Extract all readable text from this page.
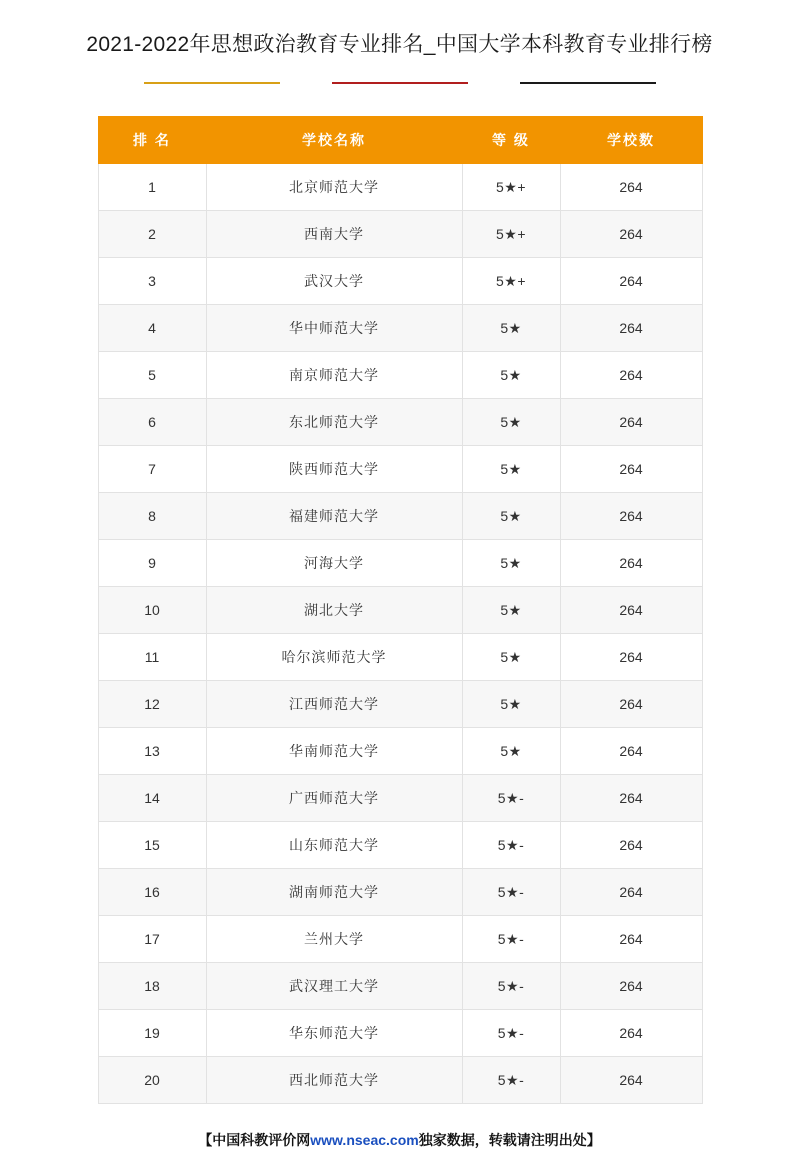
2021-2022年思想政治教育专业排名_中国大学本科教育专业排行榜
排 名	学校名称	等 级	学校数
1	北京师范大学	5★+	264
2	西南大学	5★+	264
3	武汉大学	5★+	264
4	华中师范大学	5★	264
5	南京师范大学	5★	264
6	东北师范大学	5★	264
7	陕西师范大学	5★	264
8	福建师范大学	5★	264
9	河海大学	5★	264
10	湖北大学	5★	264
11	哈尔滨师范大学	5★	264
12	江西师范大学	5★	264
13	华南师范大学	5★	264
14	广西师范大学	5★-	264
15	山东师范大学	5★-	264
16	湖南师范大学	5★-	264
17	兰州大学	5★-	264
18	武汉理工大学	5★-	264
19	华东师范大学	5★-	264
20	西北师范大学	5★-	264
【中国科教评价网www.nseac.com独家数据，转载请注明出处】
